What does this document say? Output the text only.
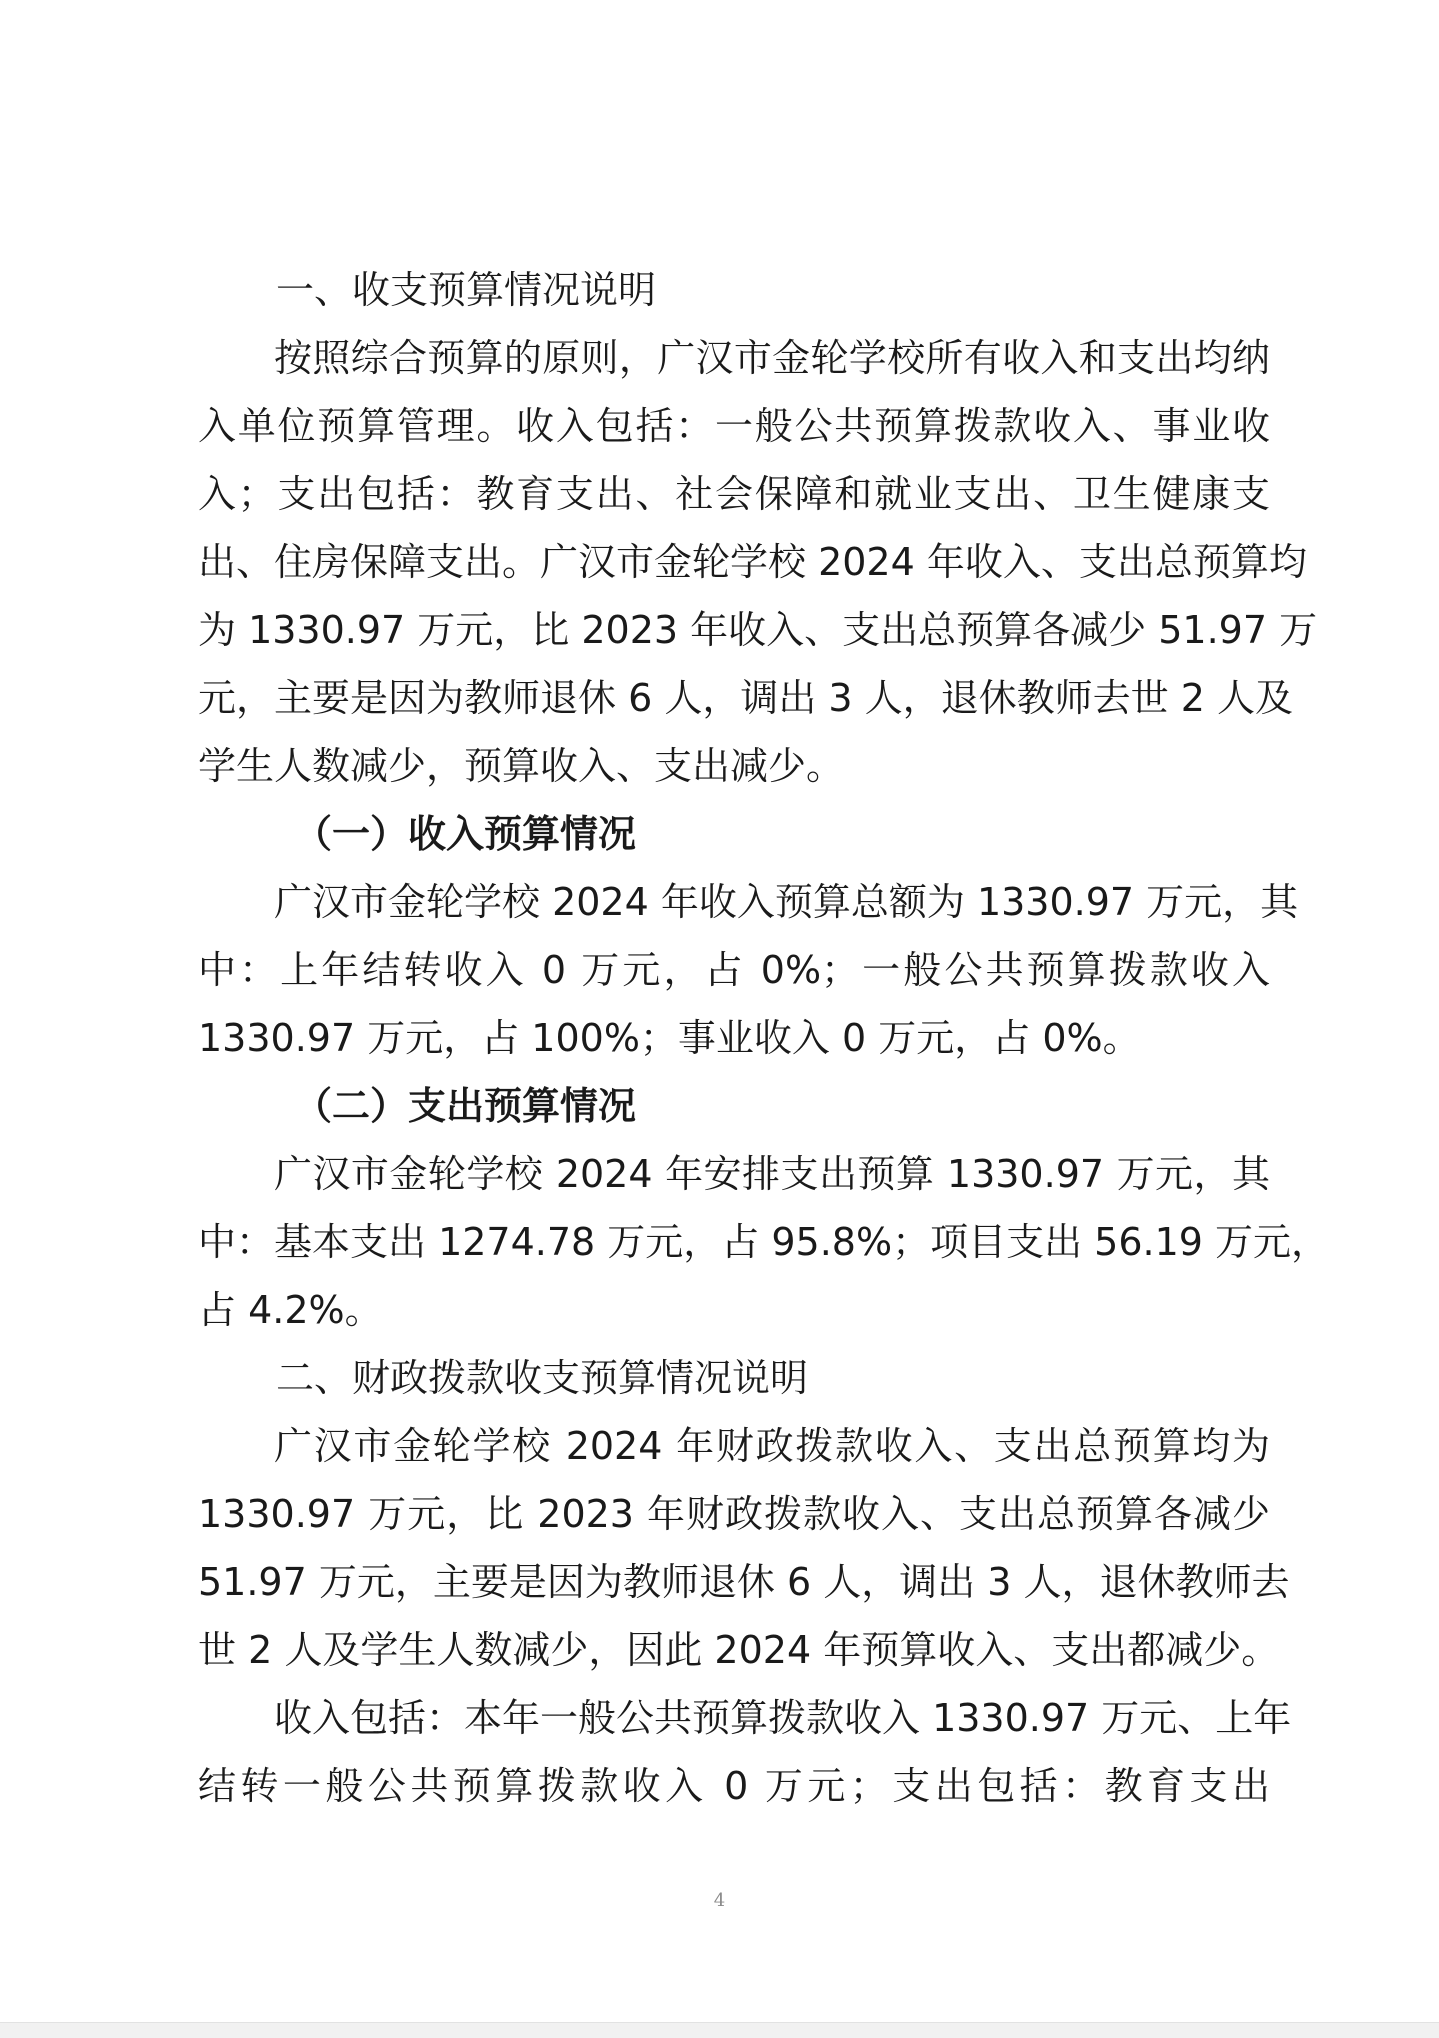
一、收支预算情况说明
按照综合预算的原则，广汉市金轮学校所有收入和支出均纳
入单位预算管理。收入包括：一般公共预算拨款收入、事业收
入；支出包括：教育支出、社会保障和就业支出、卫生健康支
出、住房保障支出。广汉市金轮学校 2024 年收入、支出总预算均
为 1330.97 万元，比 2023 年收入、支出总预算各减少 51.97 万
元，主要是因为教师退休 6 人，调出 3 人，退休教师去世 2 人及
学生人数减少，预算收入、支出减少。
（一）收入预算情况
广汉市金轮学校 2024 年收入预算总额为 1330.97 万元，其
中：上年结转收入 0 万元，占 0%；一般公共预算拨款收入
1330.97 万元，占 100%；事业收入 0 万元，占 0%。
（二）支出预算情况
广汉市金轮学校 2024 年安排支出预算 1330.97 万元，其
中：基本支出 1274.78 万元，占 95.8%；项目支出 56.19 万元，
占 4.2%。
二、财政拨款收支预算情况说明
广汉市金轮学校 2024 年财政拨款收入、支出总预算均为
1330.97 万元，比 2023 年财政拨款收入、支出总预算各减少
51.97 万元，主要是因为教师退休 6 人，调出 3 人，退休教师去
世 2 人及学生人数减少，因此 2024 年预算收入、支出都减少。
收入包括：本年一般公共预算拨款收入 1330.97 万元、上年
结转一般公共预算拨款收入 0 万元；支出包括：教育支出
4
